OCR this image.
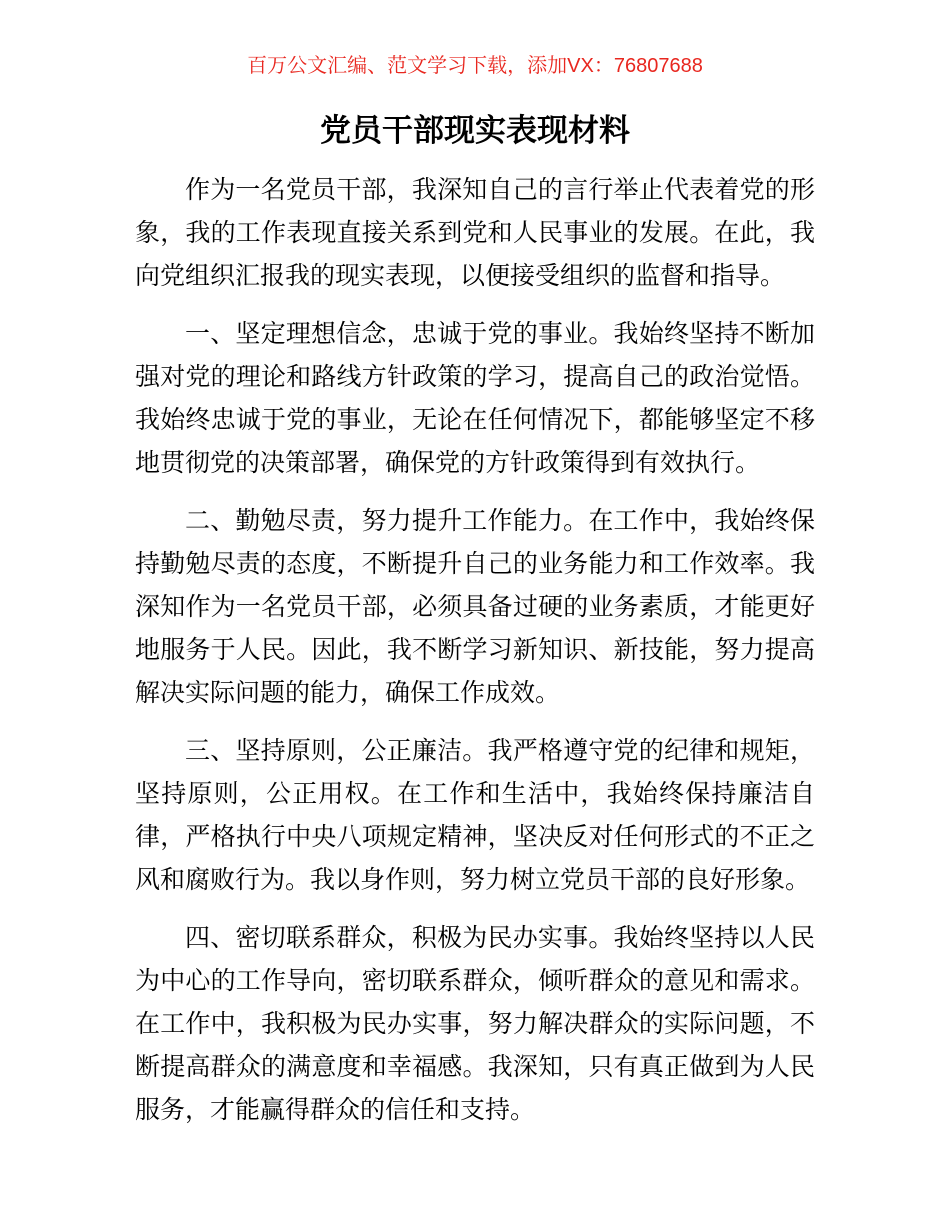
百万公文汇编、范文学习下载，添加VX：76807688
党员干部现实表现材料

作为一名党员干部，我深知自己的言行举止代表着党的形象，我的工作表现直接关系到党和人民事业的发展。在此，我向党组织汇报我的现实表现，以便接受组织的监督和指导。

一、坚定理想信念，忠诚于党的事业。我始终坚持不断加强对党的理论和路线方针政策的学习，提高自己的政治觉悟。我始终忠诚于党的事业，无论在任何情况下，都能够坚定不移地贯彻党的决策部署，确保党的方针政策得到有效执行。

二、勤勉尽责，努力提升工作能力。在工作中，我始终保持勤勉尽责的态度，不断提升自己的业务能力和工作效率。我深知作为一名党员干部，必须具备过硬的业务素质，才能更好地服务于人民。因此，我不断学习新知识、新技能，努力提高解决实际问题的能力，确保工作成效。

三、坚持原则，公正廉洁。我严格遵守党的纪律和规矩，坚持原则，公正用权。在工作和生活中，我始终保持廉洁自律，严格执行中央八项规定精神，坚决反对任何形式的不正之风和腐败行为。我以身作则，努力树立党员干部的良好形象。

四、密切联系群众，积极为民办实事。我始终坚持以人民为中心的工作导向，密切联系群众，倾听群众的意见和需求。在工作中，我积极为民办实事，努力解决群众的实际问题，不断提高群众的满意度和幸福感。我深知，只有真正做到为人民服务，才能赢得群众的信任和支持。
